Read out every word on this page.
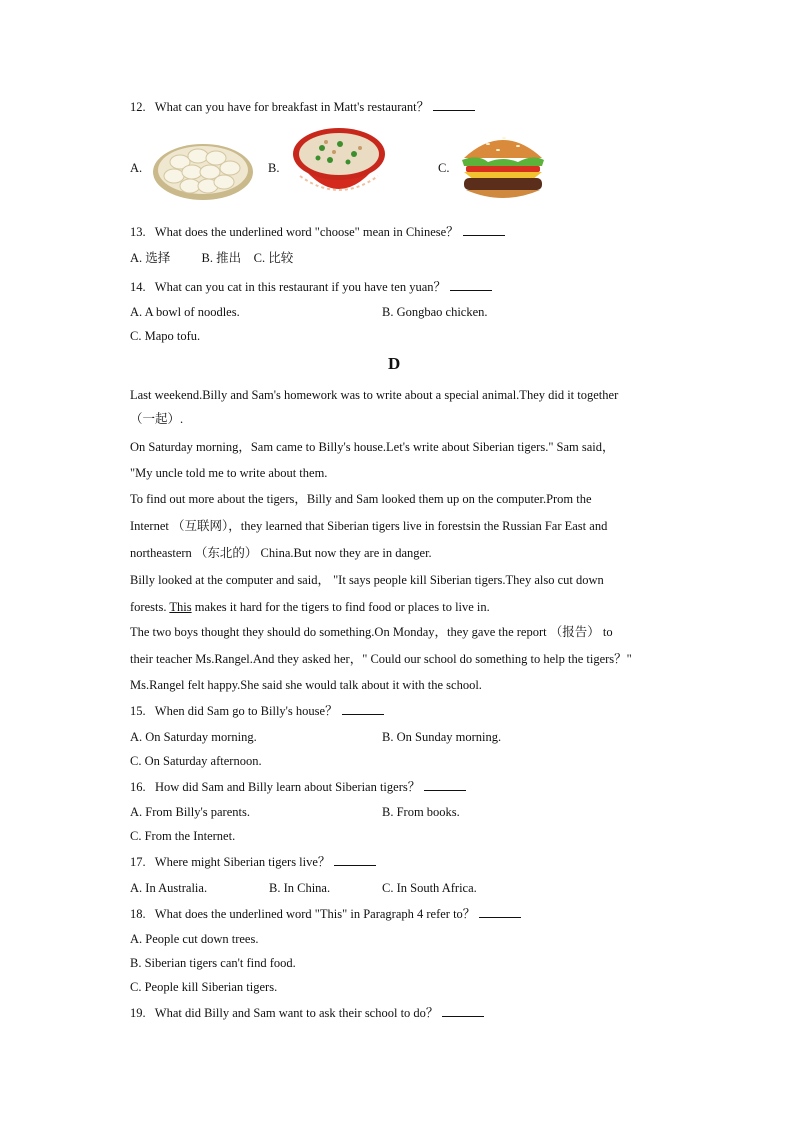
12. What can you have for breakfast in Matt's restaurant？
A.	B.	C.
13. What does the underlined word "choose" mean in Chinese？
A. 选择          B. 推出    C. 比较
14. What can you cat in this restaurant if you have ten yuan？
A. A bowl of noodles.	B. Gongbao chicken.
C. Mapo tofu.
D
Last weekend.Billy and Sam's homework was to write about a special animal.They did it together
（一起）.
On Saturday morning，Sam came to Billy's house.Let's write about Siberian tigers." Sam said，
"My uncle told me to write about them.
To find out more about the tigers，Billy and Sam looked them up on the computer.Prom the
Internet （互联网），they learned that Siberian tigers live in forestsin the Russian Far East and
northeastern （东北的） China.But now they are in danger.
Billy looked at the computer and said， "It says people kill Siberian tigers.They also cut down
forests. This makes it hard for the tigers to find food or places to live in.
The two boys thought they should do something.On Monday，they gave the report （报告） to
their teacher Ms.Rangel.And they asked her，" Could our school do something to help the tigers？"
Ms.Rangel felt happy.She said she would talk about it with the school.
15. When did Sam go to Billy's house？
A. On Saturday morning.	B. On Sunday morning.
C. On Saturday afternoon.
16. How did Sam and Billy learn about Siberian tigers？
A. From Billy's parents.	B. From books.
C. From the Internet.
17. Where might Siberian tigers live？
A. In Australia.	B. In China.	C. In South Africa.
18. What does the underlined word "This" in Paragraph 4 refer to？
A. People cut down trees.
B. Siberian tigers can't find food.
C. People kill Siberian tigers.
19. What did Billy and Sam want to ask their school to do？
